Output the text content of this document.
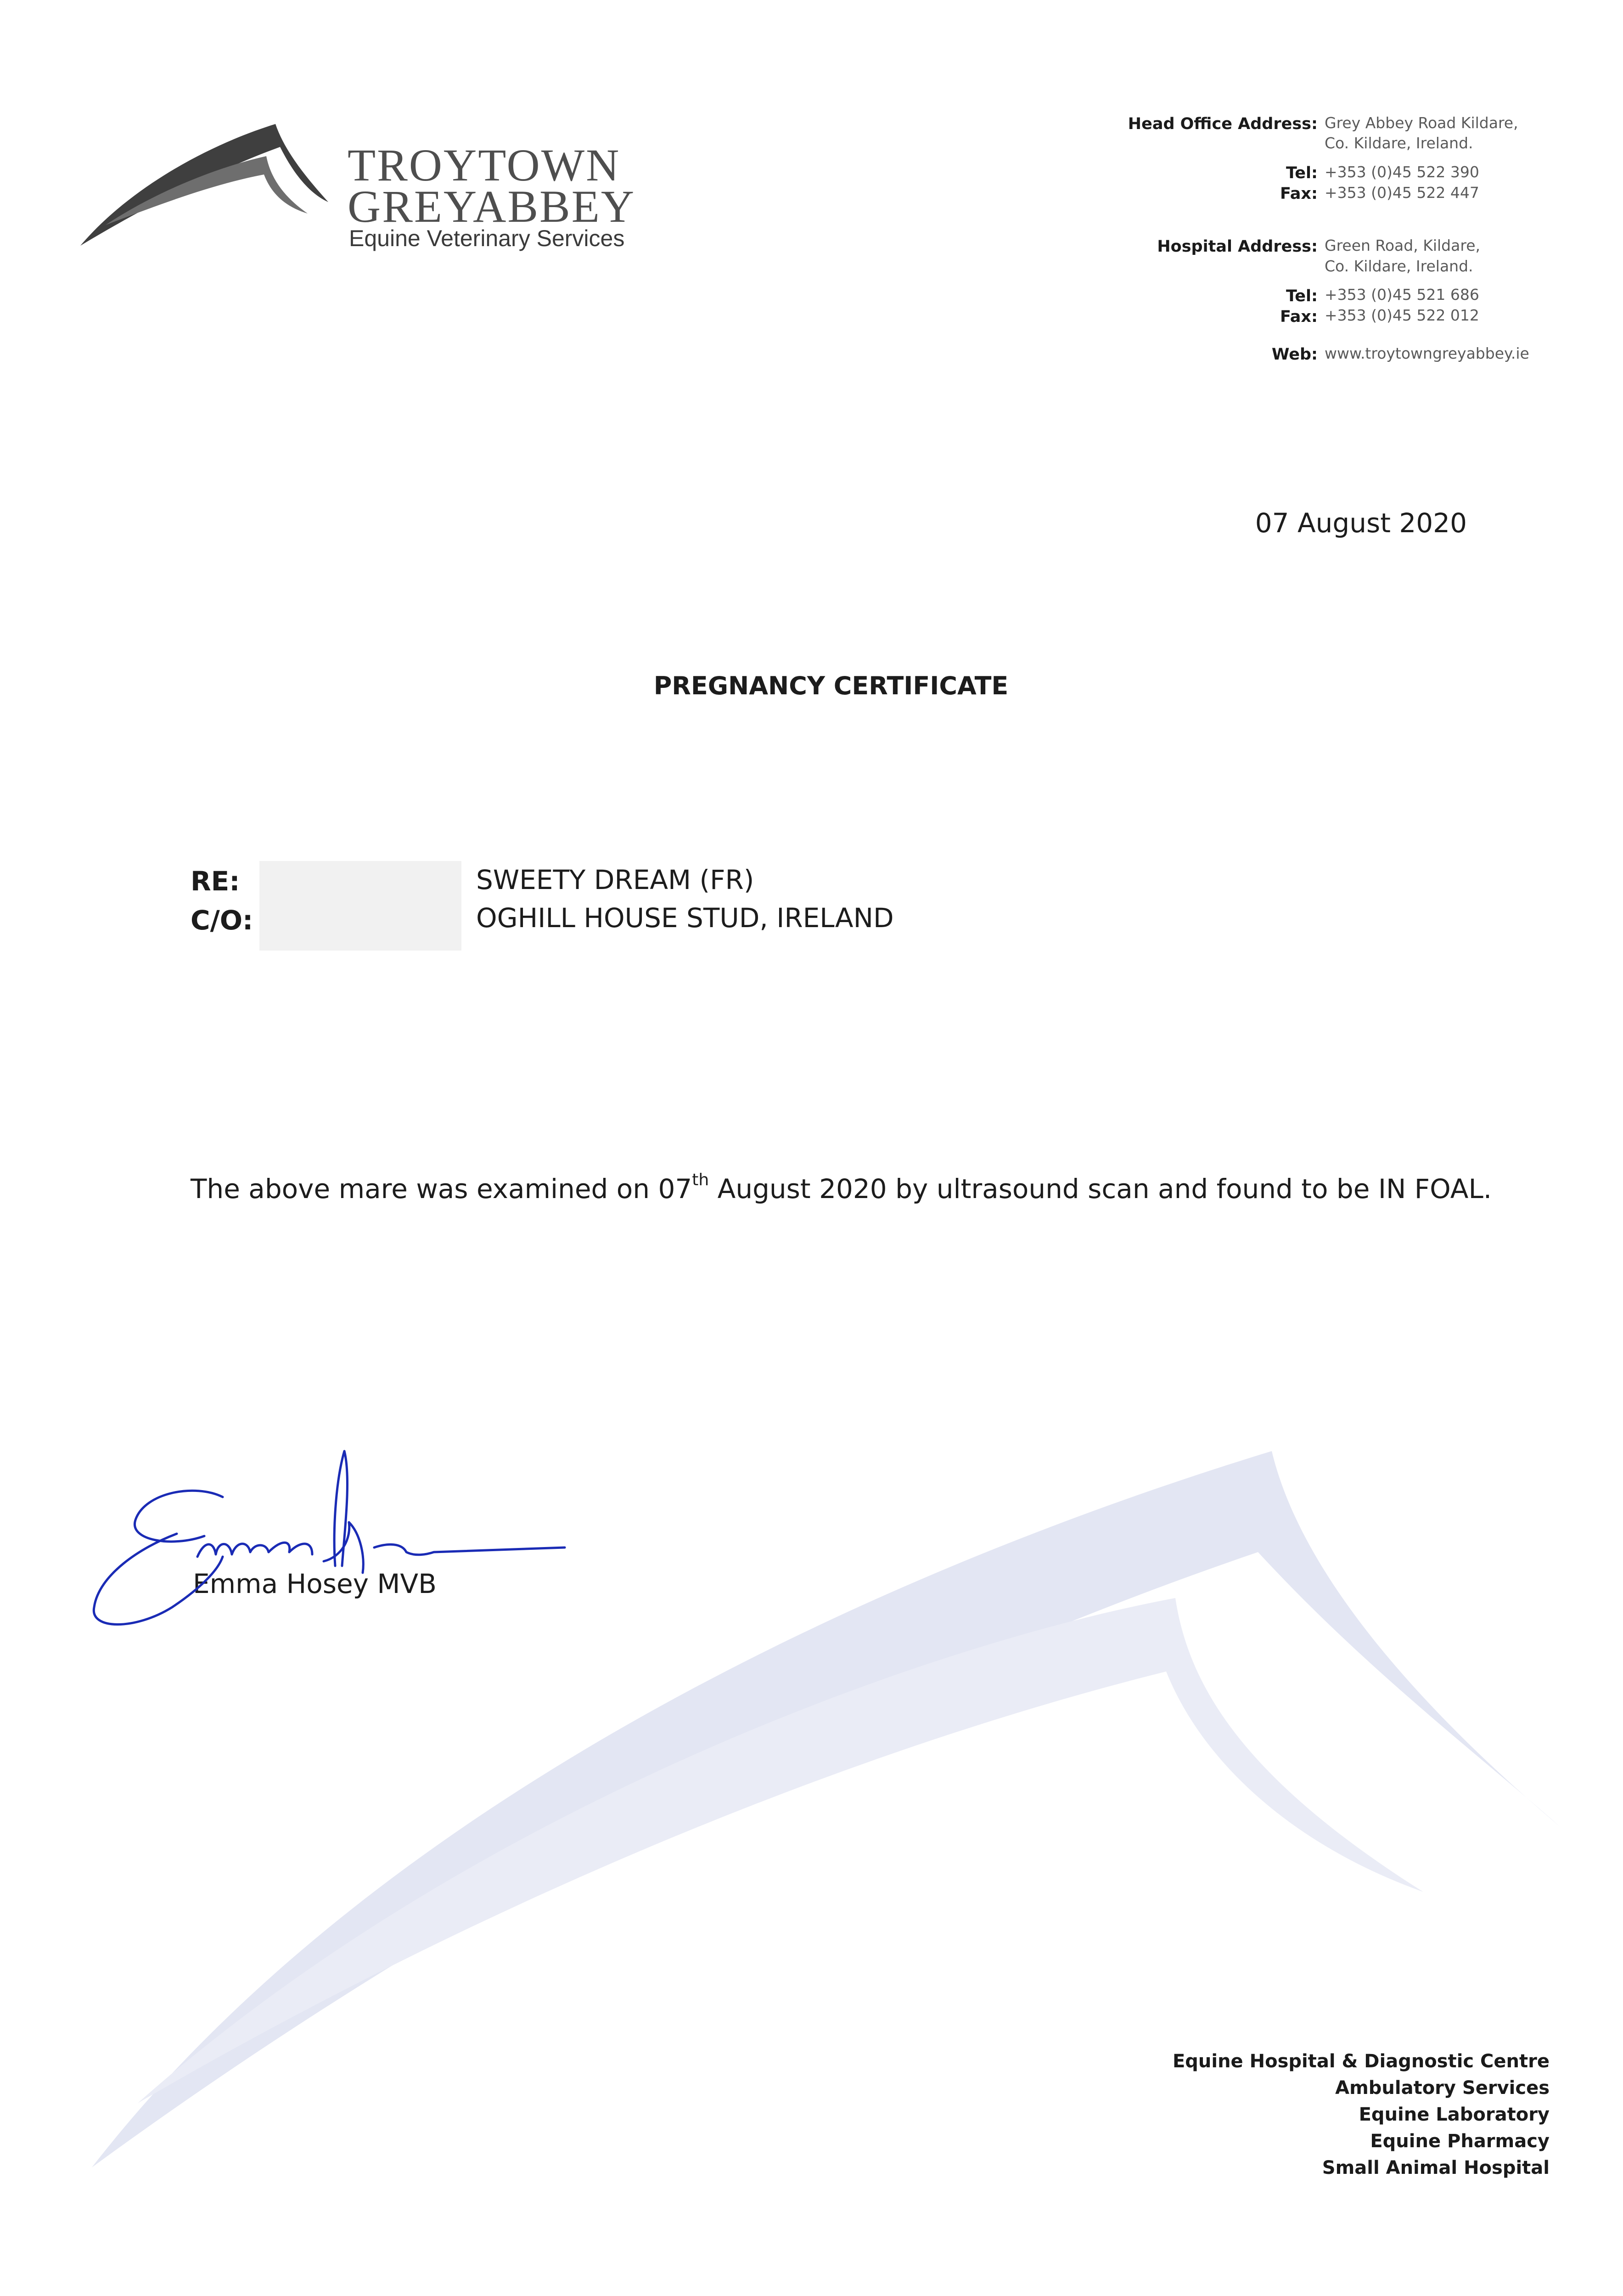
TROYTOWN
GREYABBEY
Equine Veterinary Services
Head Office Address: Grey Abbey Road Kildare,
Co. Kildare, Ireland.
Tel: +353 (0)45 522 390
Fax: +353 (0)45 522 447
Hospital Address: Green Road, Kildare,
Co. Kildare, Ireland.
Tel: +353 (0)45 521 686
Fax: +353 (0)45 522 012
Web: www.troytowngreyabbey.ie
07 August 2020
PREGNANCY CERTIFICATE
RE:	SWEETY DREAM (FR)
C/O:	OGHILL HOUSE STUD, IRELAND
The above mare was examined on 07th August 2020 by ultrasound scan and found to be IN FOAL.
Emma Hosey MVB
Equine Hospital & Diagnostic Centre
Ambulatory Services
Equine Laboratory
Equine Pharmacy
Small Animal Hospital
